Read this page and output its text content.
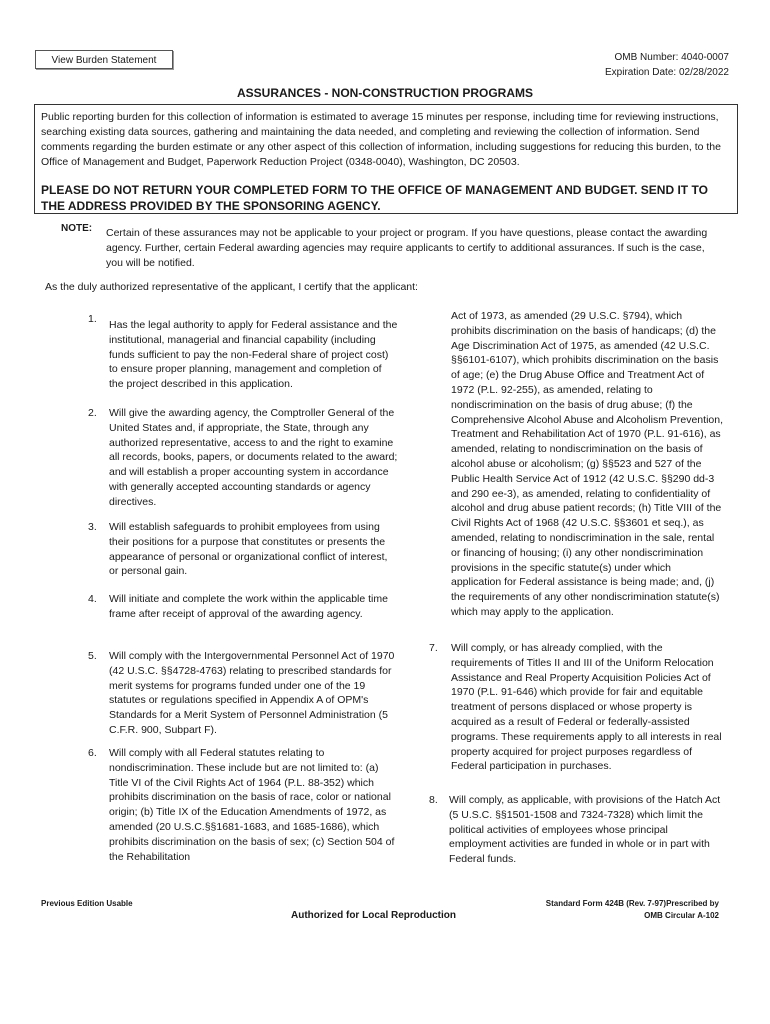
View Burden Statement	OMB Number: 4040-0007
Expiration Date: 02/28/2022
ASSURANCES - NON-CONSTRUCTION PROGRAMS
Public reporting burden for this collection of information is estimated to average 15 minutes per response, including time for reviewing instructions, searching existing data sources, gathering and maintaining the data needed, and completing and reviewing the collection of information. Send comments regarding the burden estimate or any other aspect of this collection of information, including suggestions for reducing this burden, to the Office of Management and Budget, Paperwork Reduction Project (0348-0040), Washington, DC 20503.
PLEASE DO NOT RETURN YOUR COMPLETED FORM TO THE OFFICE OF MANAGEMENT AND BUDGET. SEND IT TO THE ADDRESS PROVIDED BY THE SPONSORING AGENCY.
NOTE: Certain of these assurances may not be applicable to your project or program. If you have questions, please contact the awarding agency. Further, certain Federal awarding agencies may require applicants to certify to additional assurances. If such is the case, you will be notified.
As the duly authorized representative of the applicant, I certify that the applicant:
1. Has the legal authority to apply for Federal assistance and the institutional, managerial and financial capability (including funds sufficient to pay the non-Federal share of project cost) to ensure proper planning, management and completion of the project described in this application.
2. Will give the awarding agency, the Comptroller General of the United States and, if appropriate, the State, through any authorized representative, access to and the right to examine all records, books, papers, or documents related to the award; and will establish a proper accounting system in accordance with generally accepted accounting standards or agency directives.
3. Will establish safeguards to prohibit employees from using their positions for a purpose that constitutes or presents the appearance of personal or organizational conflict of interest, or personal gain.
4. Will initiate and complete the work within the applicable time frame after receipt of approval of the awarding agency.
5. Will comply with the Intergovernmental Personnel Act of 1970 (42 U.S.C. §§4728-4763) relating to prescribed standards for merit systems for programs funded under one of the 19 statutes or regulations specified in Appendix A of OPM's Standards for a Merit System of Personnel Administration (5 C.F.R. 900, Subpart F).
6. Will comply with all Federal statutes relating to nondiscrimination. These include but are not limited to: (a) Title VI of the Civil Rights Act of 1964 (P.L. 88-352) which prohibits discrimination on the basis of race, color or national origin; (b) Title IX of the Education Amendments of 1972, as amended (20 U.S.C.§§1681-1683, and 1685-1686), which prohibits discrimination on the basis of sex; (c) Section 504 of the Rehabilitation
Act of 1973, as amended (29 U.S.C. §794), which prohibits discrimination on the basis of handicaps; (d) the Age Discrimination Act of 1975, as amended (42 U.S.C. §§6101-6107), which prohibits discrimination on the basis of age; (e) the Drug Abuse Office and Treatment Act of 1972 (P.L. 92-255), as amended, relating to nondiscrimination on the basis of drug abuse; (f) the Comprehensive Alcohol Abuse and Alcoholism Prevention, Treatment and Rehabilitation Act of 1970 (P.L. 91-616), as amended, relating to nondiscrimination on the basis of alcohol abuse or alcoholism; (g) §§523 and 527 of the Public Health Service Act of 1912 (42 U.S.C. §§290 dd-3 and 290 ee-3), as amended, relating to confidentiality of alcohol and drug abuse patient records; (h) Title VIII of the Civil Rights Act of 1968 (42 U.S.C. §§3601 et seq.), as amended, relating to nondiscrimination in the sale, rental or financing of housing; (i) any other nondiscrimination provisions in the specific statute(s) under which application for Federal assistance is being made; and, (j) the requirements of any other nondiscrimination statute(s) which may apply to the application.
7. Will comply, or has already complied, with the requirements of Titles II and III of the Uniform Relocation Assistance and Real Property Acquisition Policies Act of 1970 (P.L. 91-646) which provide for fair and equitable treatment of persons displaced or whose property is acquired as a result of Federal or federally-assisted programs. These requirements apply to all interests in real property acquired for project purposes regardless of Federal participation in purchases.
8. Will comply, as applicable, with provisions of the Hatch Act (5 U.S.C. §§1501-1508 and 7324-7328) which limit the political activities of employees whose principal employment activities are funded in whole or in part with Federal funds.
Previous Edition Usable
Authorized for Local Reproduction
Standard Form 424B (Rev. 7-97)Prescribed by OMB Circular A-102
